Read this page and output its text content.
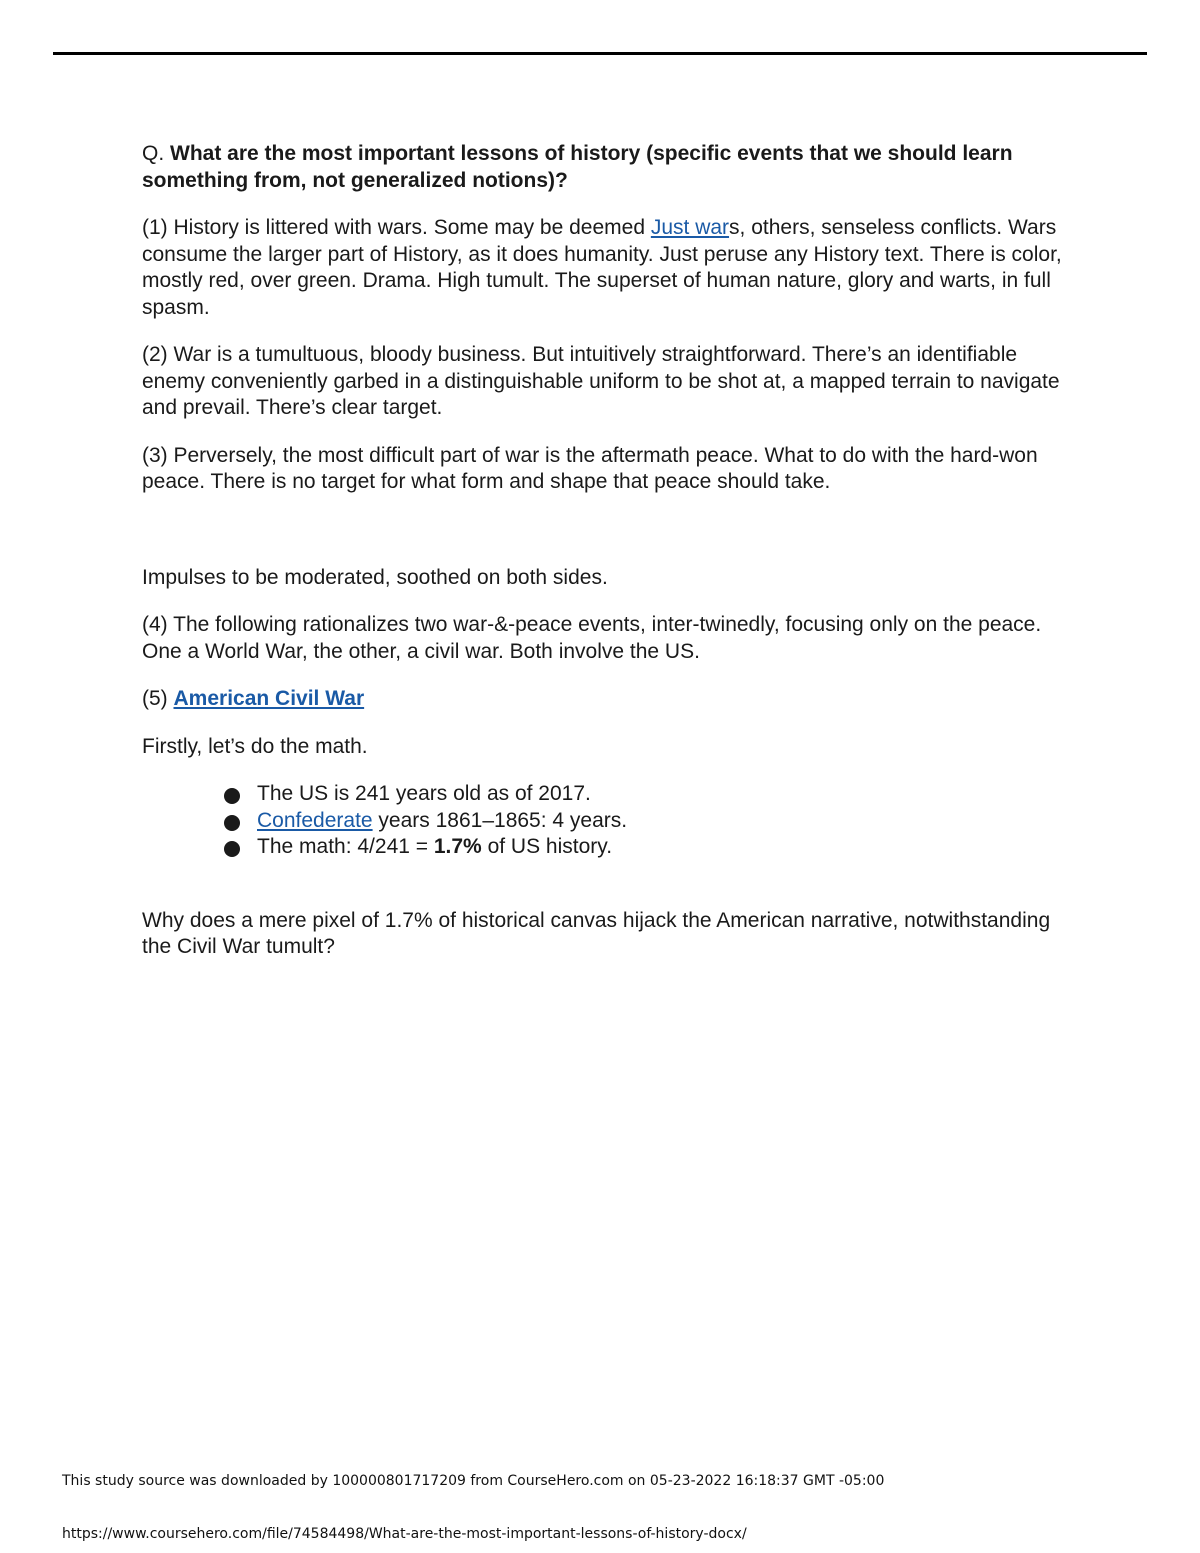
Q. What are the most important lessons of history (specific events that we should learn something from, not generalized notions)?

(1) History is littered with wars. Some may be deemed Just wars, others, senseless conflicts. Wars consume the larger part of History, as it does humanity. Just peruse any History text. There is color, mostly red, over green. Drama. High tumult. The superset of human nature, glory and warts, in full spasm.

(2) War is a tumultuous, bloody business. But intuitively straightforward. There’s an identifiable enemy conveniently garbed in a distinguishable uniform to be shot at, a mapped terrain to navigate and prevail. There’s clear target.

(3) Perversely, the most difficult part of war is the aftermath peace. What to do with the hard-won peace. There is no target for what form and shape that peace should take.

Impulses to be moderated, soothed on both sides.

(4) The following rationalizes two war-&-peace events, inter-twinedly, focusing only on the peace. One a World War, the other, a civil war. Both involve the US.

(5) American Civil War

Firstly, let’s do the math.

The US is 241 years old as of 2017.
Confederate years 1861–1865: 4 years.
The math: 4/241 = 1.7% of US history.

Why does a mere pixel of 1.7% of historical canvas hijack the American narrative, notwithstanding the Civil War tumult?

This study source was downloaded by 100000801717209 from CourseHero.com on 05-23-2022 16:18:37 GMT -05:00
https://www.coursehero.com/file/74584498/What-are-the-most-important-lessons-of-history-docx/
